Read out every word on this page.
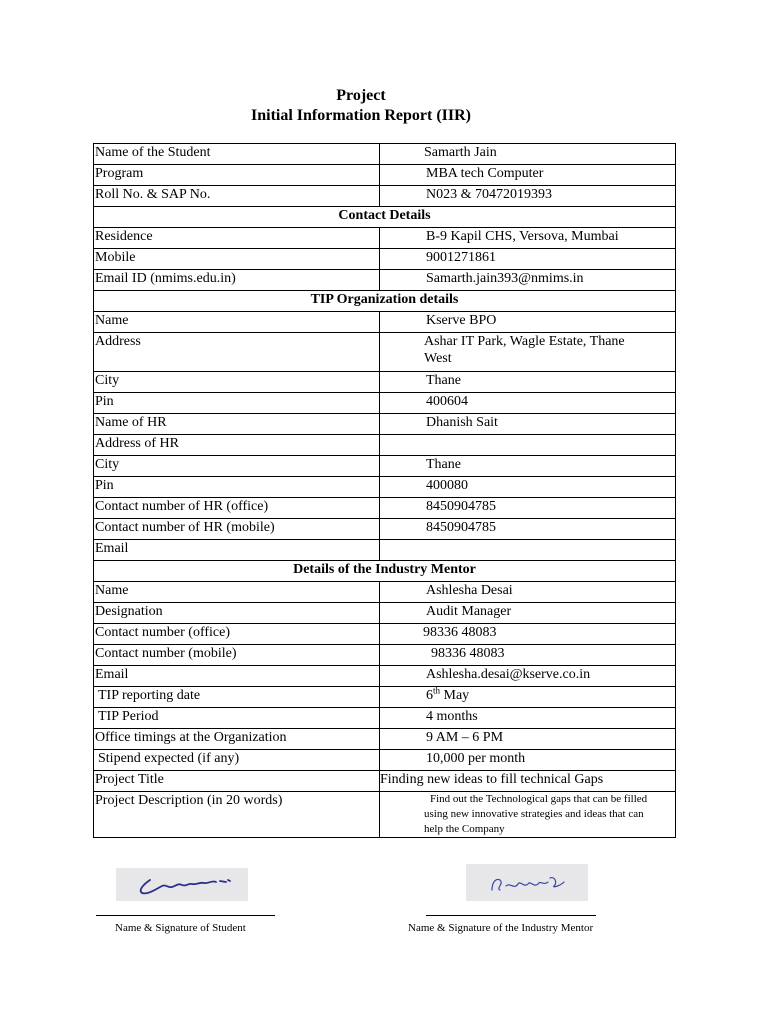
Project
Initial Information Report (IIR)
Name of the Student	Samarth Jain
Program	MBA tech Computer
Roll No. & SAP No.	N023 & 70472019393
Contact Details	
Residence	B-9 Kapil CHS, Versova, Mumbai
Mobile	9001271861
Email ID (nmims.edu.in)	Samarth.jain393@nmims.in
TIP Organization details	
Name	Kserve BPO
Address	Ashar IT Park, Wagle Estate, Thane West
City	Thane
Pin	400604
Name of HR	Dhanish Sait
Address of HR	
City	Thane
Pin	400080
Contact number of HR (office)	8450904785
Contact number of HR (mobile)	8450904785
Email	
Details of the Industry Mentor	
Name	Ashlesha Desai
Designation	Audit Manager
Contact number (office)	98336 48083
Contact number (mobile)	98336 48083
Email	Ashlesha.desai@kserve.co.in
TIP reporting date	6th May
TIP Period	4 months
Office timings at the Organization	9 AM – 6 PM
Stipend expected (if any)	10,000 per month
Project Title	Finding new ideas to fill technical Gaps
Project Description (in 20 words)	Find out the Technological gaps that can be filled
using new innovative strategies and ideas that can
help the Company
Name & Signature of Student	Name & Signature of the Industry Mentor
